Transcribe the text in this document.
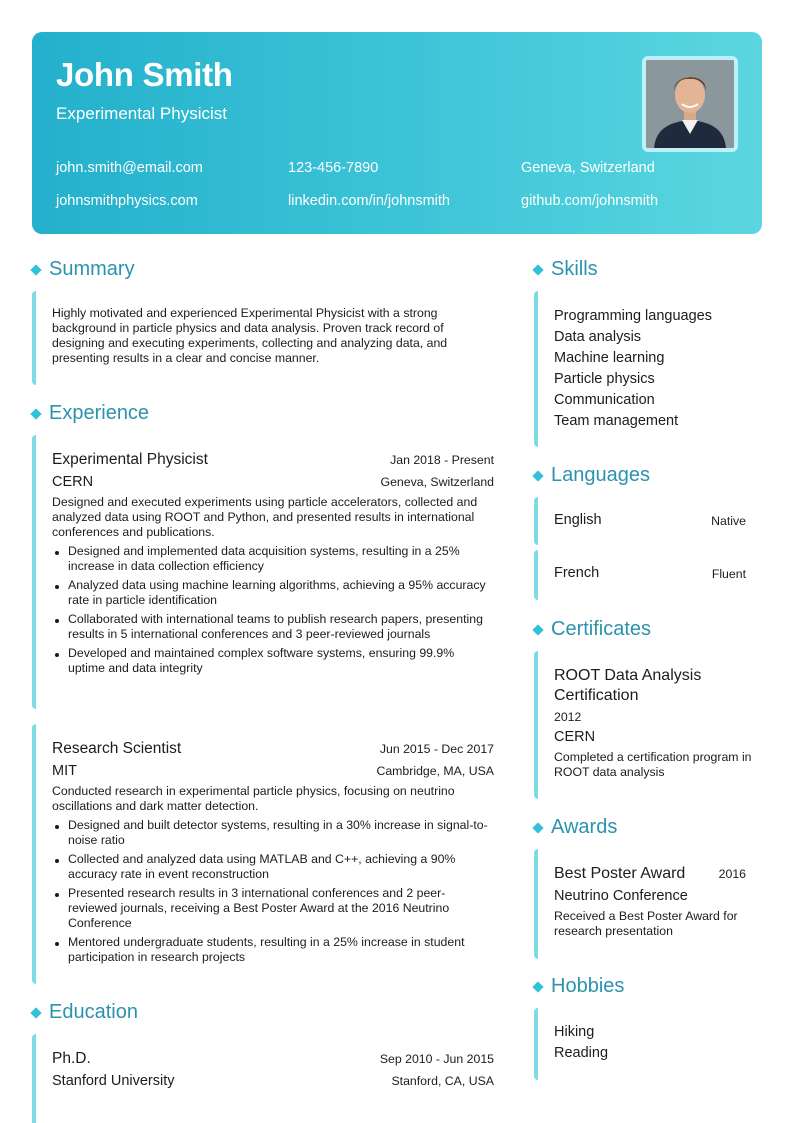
John Smith
Experimental Physicist
john.smith@email.com	123-456-7890	Geneva, Switzerland
johnsmithphysics.com	linkedin.com/in/johnsmith	github.com/johnsmith
Summary
Highly motivated and experienced Experimental Physicist with a strong background in particle physics and data analysis. Proven track record of designing and executing experiments, collecting and analyzing data, and presenting results in a clear and concise manner.
Experience
Experimental Physicist	Jan 2018 - Present
CERN	Geneva, Switzerland
Designed and executed experiments using particle accelerators, collected and analyzed data using ROOT and Python, and presented results in international conferences and publications.
Designed and implemented data acquisition systems, resulting in a 25% increase in data collection efficiency
Analyzed data using machine learning algorithms, achieving a 95% accuracy rate in particle identification
Collaborated with international teams to publish research papers, presenting results in 5 international conferences and 3 peer-reviewed journals
Developed and maintained complex software systems, ensuring 99.9% uptime and data integrity
Research Scientist	Jun 2015 - Dec 2017
MIT	Cambridge, MA, USA
Conducted research in experimental particle physics, focusing on neutrino oscillations and dark matter detection.
Designed and built detector systems, resulting in a 30% increase in signal-to-noise ratio
Collected and analyzed data using MATLAB and C++, achieving a 90% accuracy rate in event reconstruction
Presented research results in 3 international conferences and 2 peer-reviewed journals, receiving a Best Poster Award at the 2016 Neutrino Conference
Mentored undergraduate students, resulting in a 25% increase in student participation in research projects
Education
Ph.D.	Sep 2010 - Jun 2015
Stanford University	Stanford, CA, USA
Skills
Programming languages
Data analysis
Machine learning
Particle physics
Communication
Team management
Languages
English	Native
French	Fluent
Certificates
ROOT Data Analysis Certification
2012
CERN
Completed a certification program in ROOT data analysis
Awards
Best Poster Award	2016
Neutrino Conference
Received a Best Poster Award for research presentation
Hobbies
Hiking
Reading
